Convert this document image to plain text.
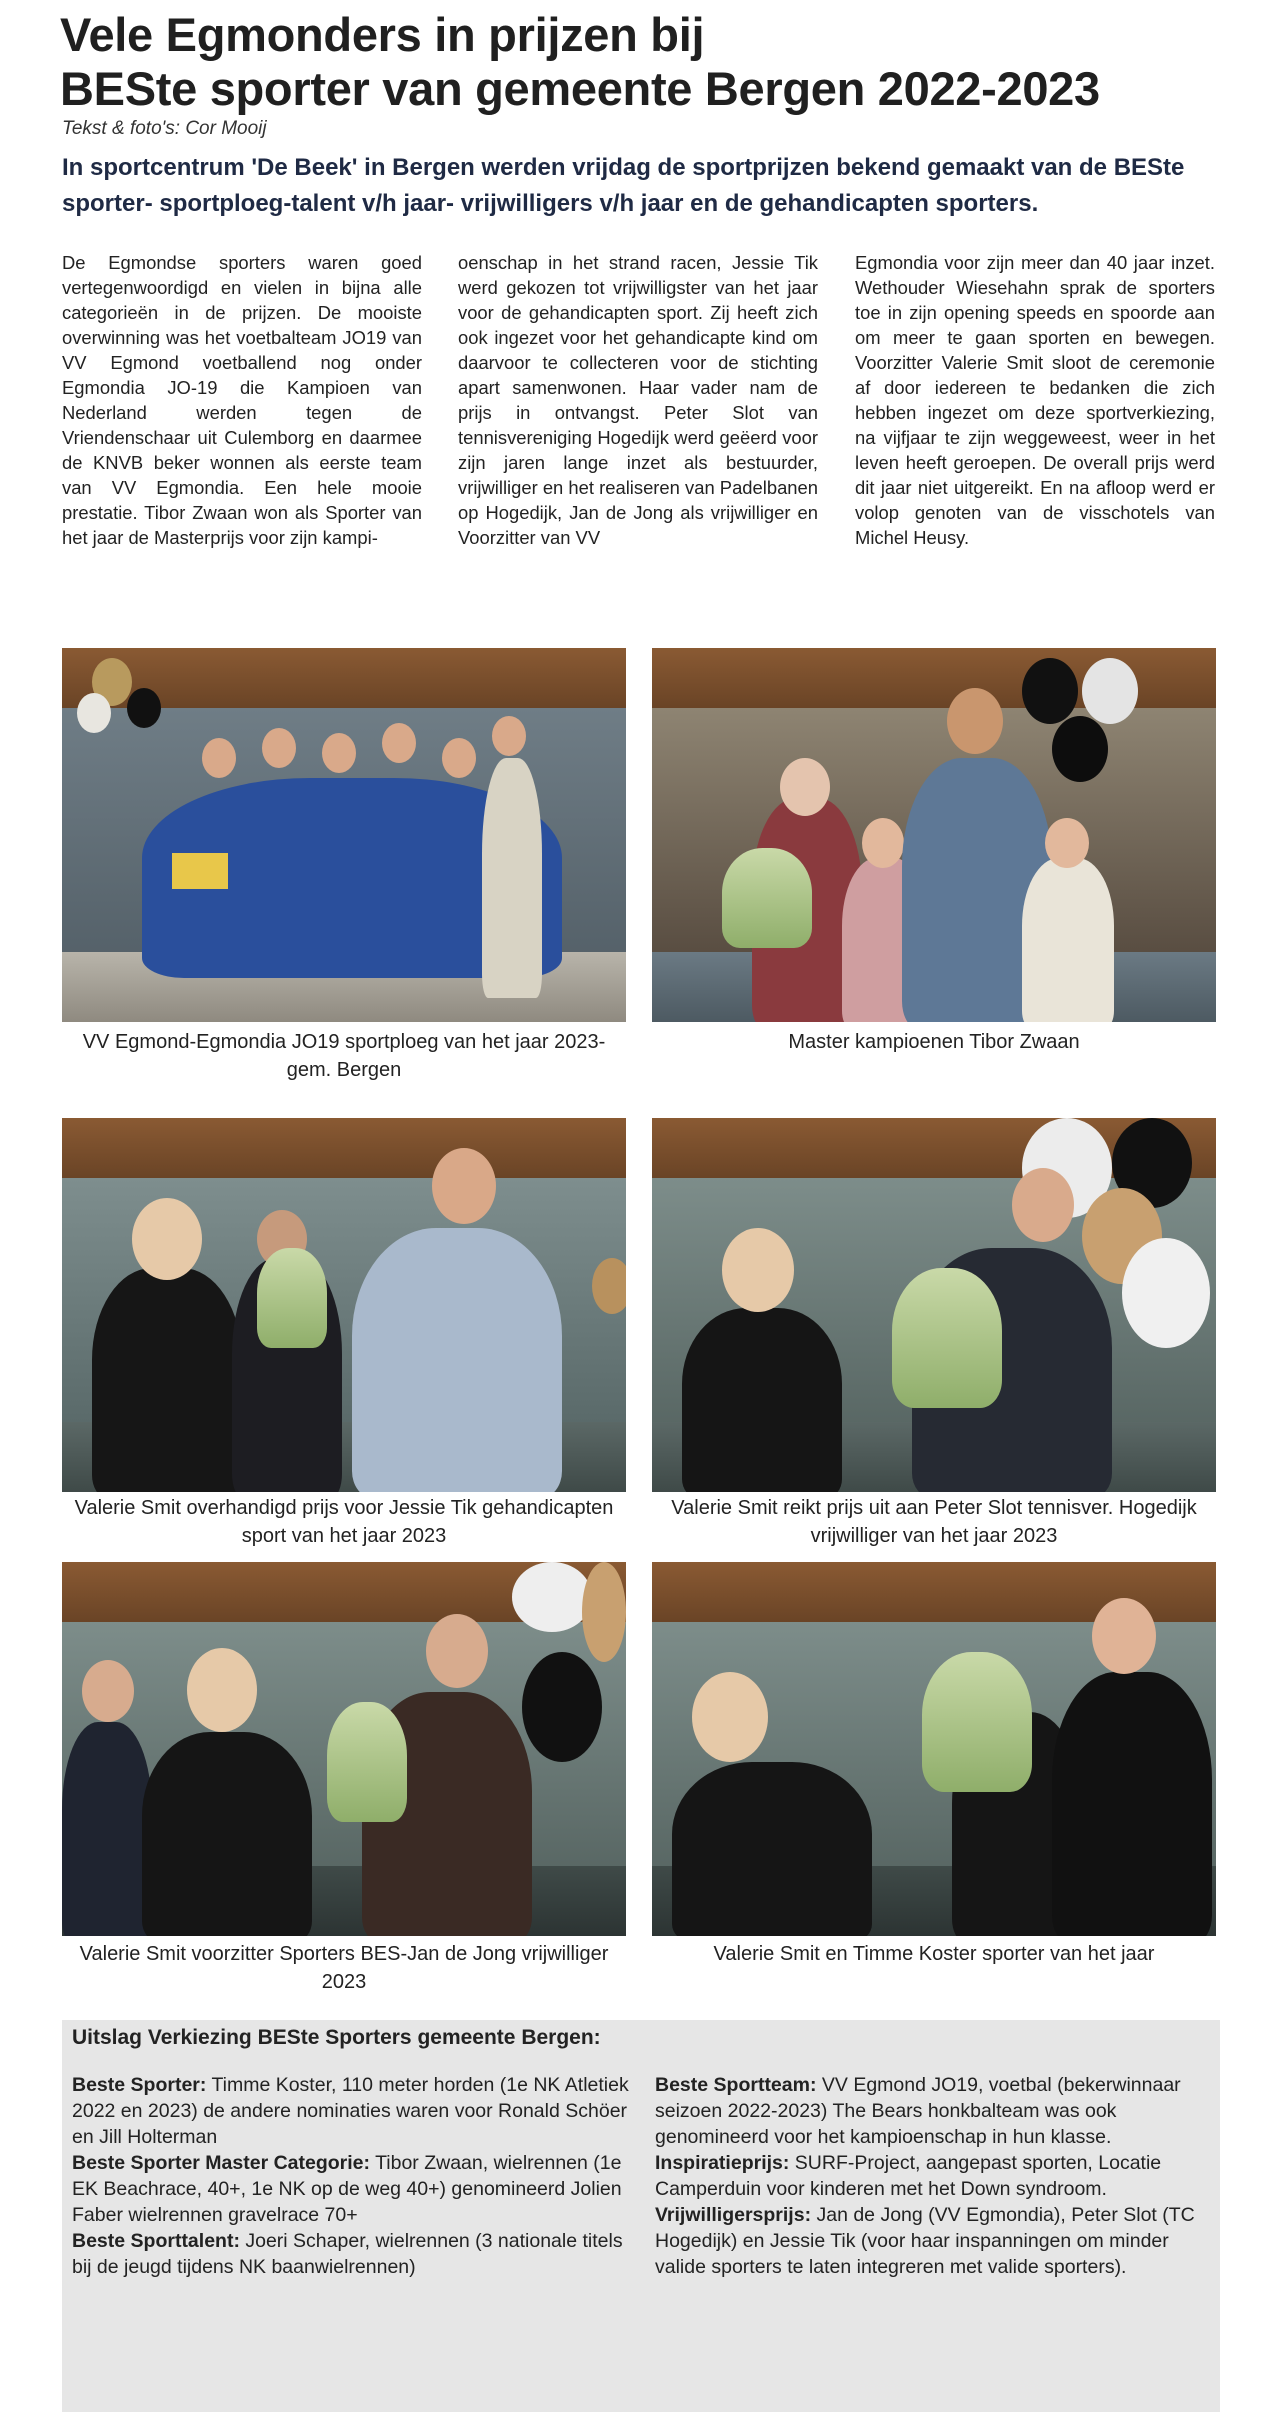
Vele Egmonders in prijzen bij
BESte sporter van gemeente Bergen 2022-2023
Tekst & foto's: Cor Mooij
In sportcentrum 'De Beek' in Bergen werden vrijdag de sportprijzen bekend gemaakt van de BESte sporter- sportploeg-talent v/h jaar- vrijwilligers v/h jaar en de gehandicapten sporters.

De Egmondse sporters waren goed vertegenwoordigd en vielen in bijna alle categorieën in de prijzen. De mooiste overwinning was het voetbalteam JO19 van VV Egmond voetballend nog onder Egmondia JO-19 die Kampioen van Nederland werden tegen de Vriendenschaar uit Culemborg en daarmee de KNVB beker wonnen als eerste team van VV Egmondia. Een hele mooie prestatie. Tibor Zwaan won als Sporter van het jaar de Masterprijs voor zijn kampi-

oenschap in het strand racen, Jessie Tik werd gekozen tot vrijwilligster van het jaar voor de gehandicapten sport. Zij heeft zich ook ingezet voor het gehandicapte kind om daarvoor te collecteren voor de stichting apart samenwonen. Haar vader nam de prijs in ontvangst. Peter Slot van tennisvereniging Hogedijk werd geëerd voor zijn jaren lange inzet als bestuurder, vrijwilliger en het realiseren van Padelbanen op Hogedijk, Jan de Jong als vrijwilliger en Voorzitter van VV

Egmondia voor zijn meer dan 40 jaar inzet. Wethouder Wiesehahn sprak de sporters toe in zijn opening speeds en spoorde aan om meer te gaan sporten en bewegen. Voorzitter Valerie Smit sloot de ceremonie af door iedereen te bedanken die zich hebben ingezet om deze sportverkiezing, na vijfjaar te zijn weggeweest, weer in het leven heeft geroepen. De overall prijs werd dit jaar niet uitgereikt. En na afloop werd er volop genoten van de visschotels van Michel Heusy.

VV Egmond-Egmondia JO19 sportploeg van het jaar 2023- gem. Bergen
Master kampioenen Tibor Zwaan
Valerie Smit overhandigd prijs voor Jessie Tik gehandicapten sport van het jaar 2023
Valerie Smit reikt prijs uit aan Peter Slot tennisver. Hogedijk vrijwilliger van het jaar 2023
Valerie Smit voorzitter Sporters BES-Jan de Jong vrijwilliger 2023
Valerie Smit en Timme Koster sporter van het jaar
Uitslag Verkiezing BESte Sporters gemeente Bergen:

Beste Sporter: Timme Koster, 110 meter horden (1e NK Atletiek 2022 en 2023) de andere nominaties waren voor Ronald Schöer en Jill Holterman

Beste Sporter Master Categorie: Tibor Zwaan, wielrennen (1e EK Beachrace, 40+, 1e NK op de weg 40+) genomineerd Jolien Faber wielrennen gravelrace 70+

Beste Sporttalent: Joeri Schaper, wielrennen (3 nationale titels bij de jeugd tijdens NK baanwielrennen)

Beste Sportteam: VV Egmond JO19, voetbal (bekerwinnaar seizoen 2022-2023) The Bears honkbalteam was ook genomineerd voor het kampioenschap in hun klasse.

Inspiratieprijs: SURF-Project, aangepast sporten, Locatie Camperduin voor kinderen met het Down syndroom.

Vrijwilligersprijs: Jan de Jong (VV Egmondia), Peter Slot (TC Hogedijk) en Jessie Tik (voor haar inspanningen om minder valide sporters te laten integreren met valide sporters).
